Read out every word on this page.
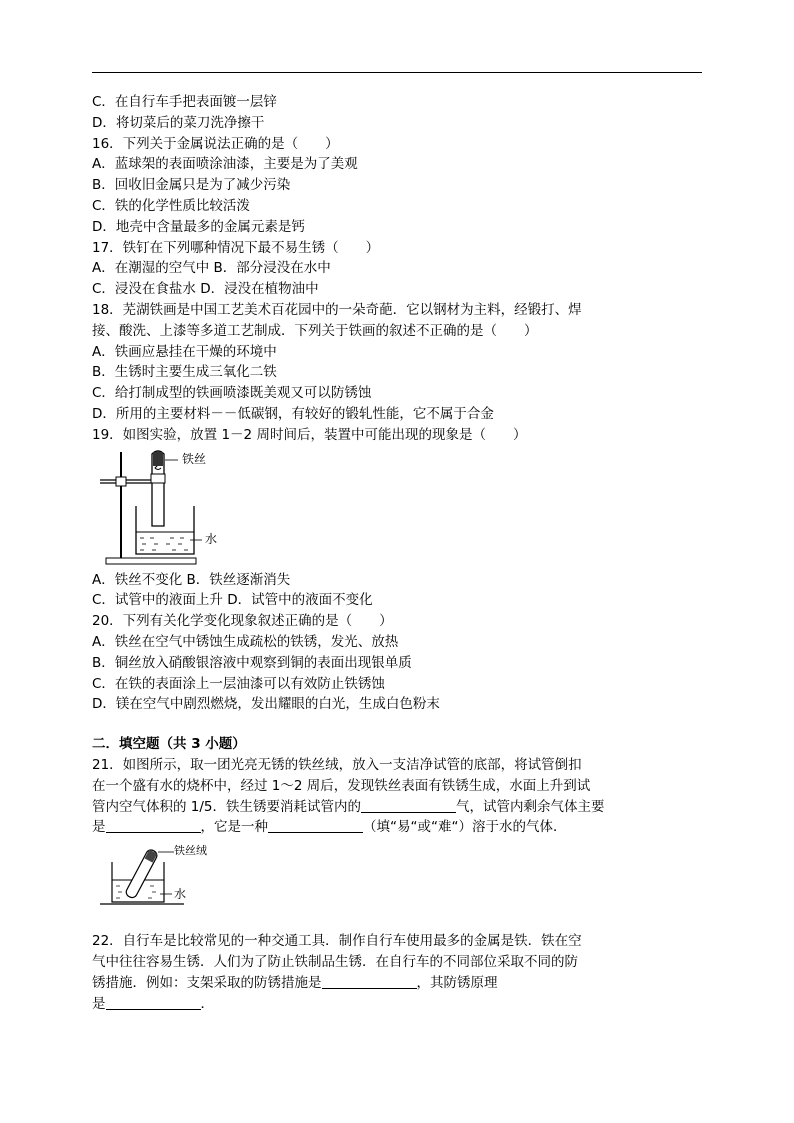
C．在自行车手把表面镀一层锌
D．将切菜后的菜刀洗净擦干
16．下列关于金属说法正确的是（　　）
A．蓝球架的表面喷涂油漆，主要是为了美观
B．回收旧金属只是为了减少污染
C．铁的化学性质比较活泼
D．地壳中含量最多的金属元素是钙
17．铁钉在下列哪种情况下最不易生锈（　　）
A．在潮湿的空气中 B．部分浸没在水中
C．浸没在食盐水 D．浸没在植物油中
18．芜湖铁画是中国工艺美术百花园中的一朵奇葩．它以钢材为主料，经锻打、焊
接、酸洗、上漆等多道工艺制成．下列关于铁画的叙述不正确的是（　　）
A．铁画应悬挂在干燥的环境中
B．生锈时主要生成三氧化二铁
C．给打制成型的铁画喷漆既美观又可以防锈蚀
D．所用的主要材料－－低碳钢，有较好的锻轧性能，它不属于合金
19．如图实验，放置 1－2 周时间后，装置中可能出现的现象是（　　）
铁丝
水
A．铁丝不变化 B．铁丝逐渐消失
C．试管中的液面上升 D．试管中的液面不变化
20．下列有关化学变化现象叙述正确的是（　　）
A．铁丝在空气中锈蚀生成疏松的铁锈，发光、放热
B．铜丝放入硝酸银溶液中观察到铜的表面出现银单质
C．在铁的表面涂上一层油漆可以有效防止铁锈蚀
D．镁在空气中剧烈燃烧，发出耀眼的白光，生成白色粉末
二．填空题（共 3 小题）
21．如图所示，取一团光亮无锈的铁丝绒，放入一支洁净试管的底部，将试管倒扣
在一个盛有水的烧杯中，经过 1～2 周后，发现铁丝表面有铁锈生成，水面上升到试
管内空气体积的 1/5．铁生锈要消耗试管内的	气，试管内剩余气体主要
是	，它是一种	（填“易“或“难“）溶于水的气体．
铁丝绒
水
22．自行车是比较常见的一种交通工具．制作自行车使用最多的金属是铁．铁在空
气中往往容易生锈．人们为了防止铁制品生锈．在自行车的不同部位采取不同的防
锈措施．例如：支架采取的防锈措施是	，其防锈原理
是	．
